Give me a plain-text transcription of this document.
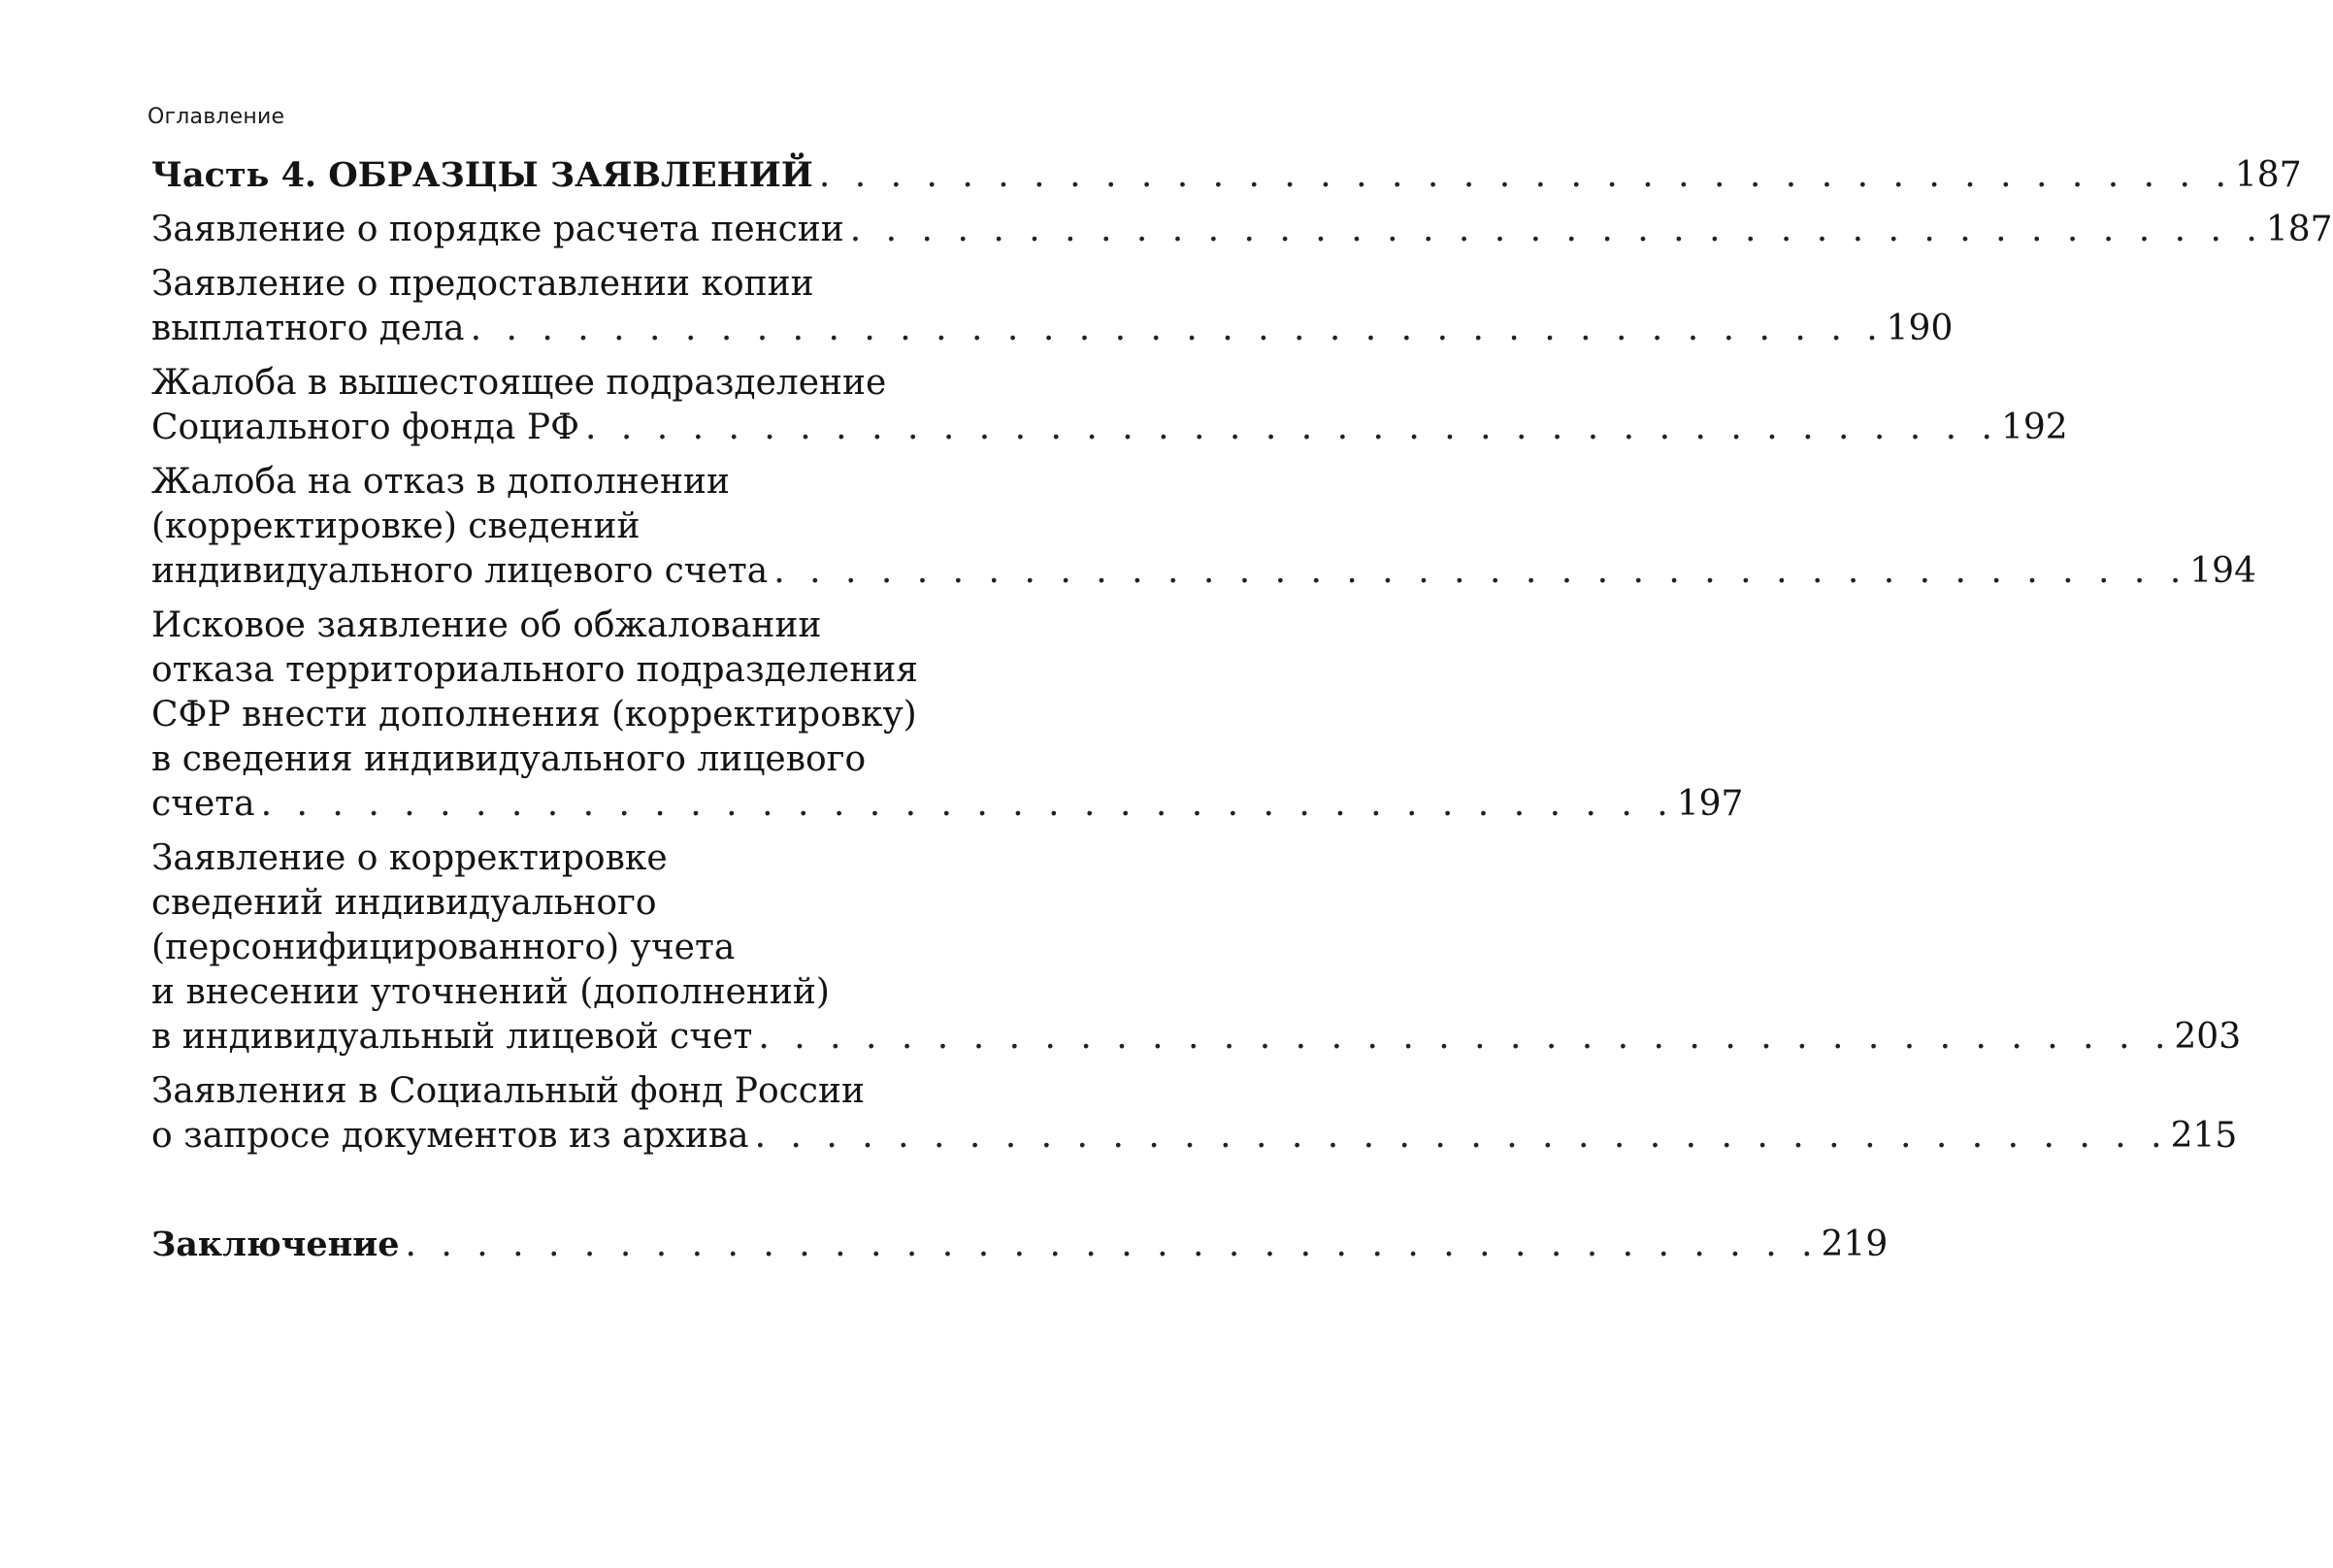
Оглавление
Часть 4. ОБРАЗЦЫ ЗАЯВЛЕНИЙ . . . . . . . . . . . . . . . . . . . . . . . . . . . . . . . . . . . . . . . . 187
Заявление о порядке расчета пенсии . . . . . . . . . . . . . . . . . . . . . . . . . . . . . . . . . . . . . . . . 187
Заявление о предоставлении копии
выплатного дела . . . . . . . . . . . . . . . . . . . . . . . . . . . . . . . . . . . . . . . . 190
Жалоба в вышестоящее подразделение
Социального фонда РФ . . . . . . . . . . . . . . . . . . . . . . . . . . . . . . . . . . . . . . . . 192
Жалоба на отказ в дополнении
(корректировке) сведений
индивидуального лицевого счета . . . . . . . . . . . . . . . . . . . . . . . . . . . . . . . . . . . . . . . . 194
Исковое заявление об обжаловании
отказа территориального подразделения
СФР внести дополнения (корректировку)
в сведения индивидуального лицевого
счета . . . . . . . . . . . . . . . . . . . . . . . . . . . . . . . . . . . . . . . . 197
Заявление о корректировке
сведений индивидуального
(персонифицированного) учета
и внесении уточнений (дополнений)
в индивидуальный лицевой счет . . . . . . . . . . . . . . . . . . . . . . . . . . . . . . . . . . . . . . . . 203
Заявления в Социальный фонд России
о запросе документов из архива . . . . . . . . . . . . . . . . . . . . . . . . . . . . . . . . . . . . . . . . 215
Заключение . . . . . . . . . . . . . . . . . . . . . . . . . . . . . . . . . . . . . . . . 219
